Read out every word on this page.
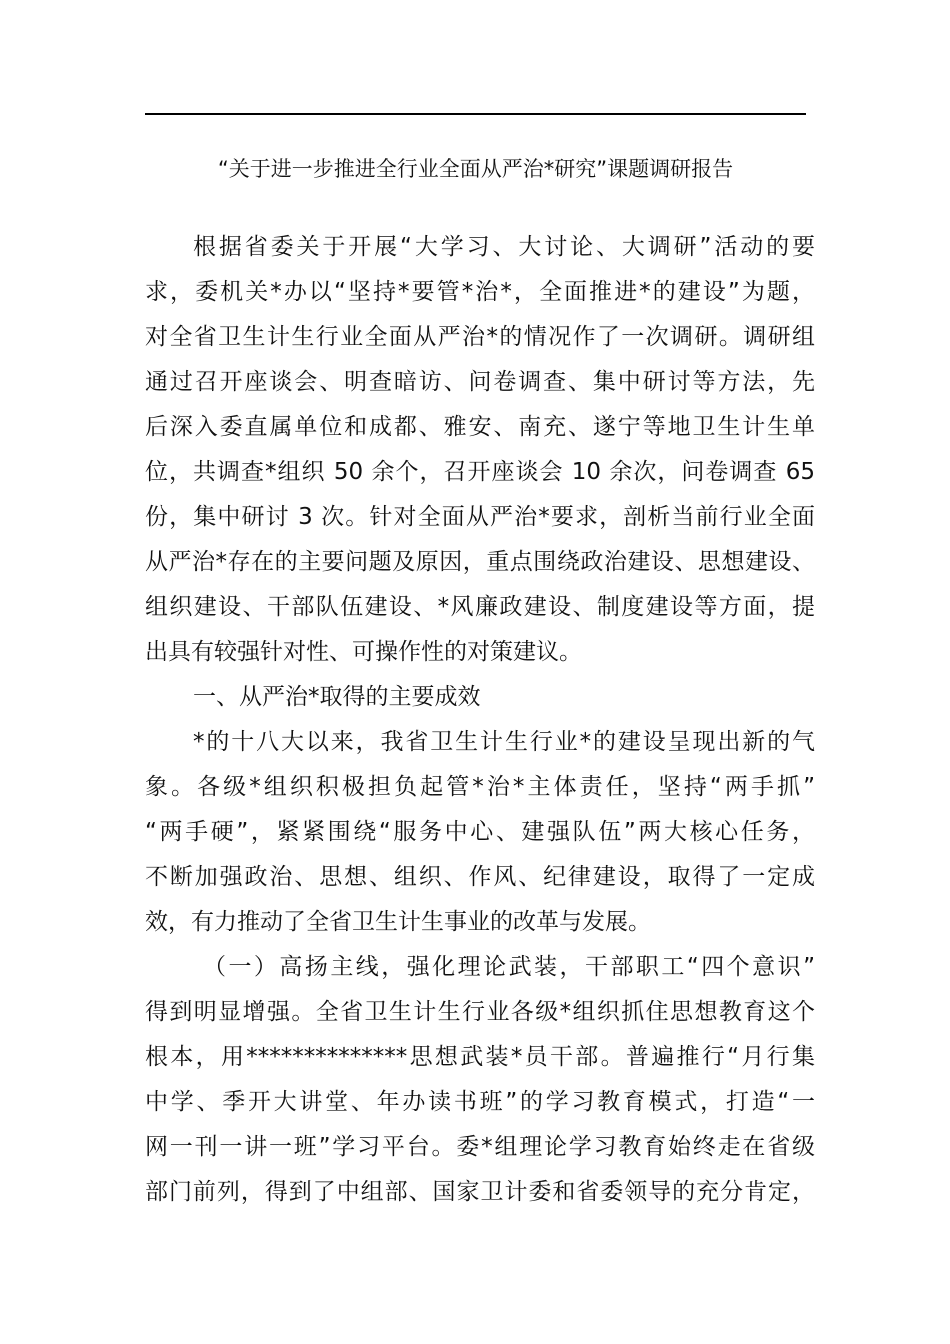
“关于进一步推进全行业全面从严治*研究”课题调研报告
根据省委关于开展“大学习、大讨论、大调研”活动的要
求，委机关*办以“坚持*要管*治*，全面推进*的建设”为题，
对全省卫生计生行业全面从严治*的情况作了一次调研。调研组
通过召开座谈会、明查暗访、问卷调查、集中研讨等方法，先
后深入委直属单位和成都、雅安、南充、遂宁等地卫生计生单
位，共调查*组织 50 余个，召开座谈会 10 余次，问卷调查 65
份，集中研讨 3 次。针对全面从严治*要求，剖析当前行业全面
从严治*存在的主要问题及原因，重点围绕政治建设、思想建设、
组织建设、干部队伍建设、*风廉政建设、制度建设等方面，提
出具有较强针对性、可操作性的对策建议。
一、从严治*取得的主要成效
*的十八大以来，我省卫生计生行业*的建设呈现出新的气
象。各级*组织积极担负起管*治*主体责任，坚持“两手抓”
“两手硬”，紧紧围绕“服务中心、建强队伍”两大核心任务，
不断加强政治、思想、组织、作风、纪律建设，取得了一定成
效，有力推动了全省卫生计生事业的改革与发展。
（一）高扬主线，强化理论武装，干部职工“四个意识”
得到明显增强。全省卫生计生行业各级*组织抓住思想教育这个
根本，用**************思想武装*员干部。普遍推行“月行集
中学、季开大讲堂、年办读书班”的学习教育模式，打造“一
网一刊一讲一班”学习平台。委*组理论学习教育始终走在省级
部门前列，得到了中组部、国家卫计委和省委领导的充分肯定，
